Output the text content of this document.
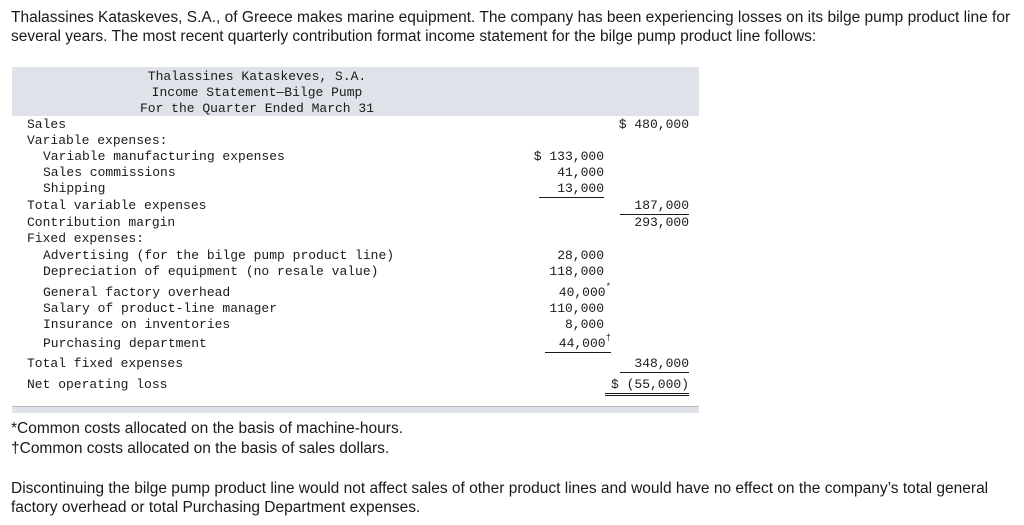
Thalassines Kataskeves, S.A., of Greece makes marine equipment. The company has been experiencing losses on its bilge pump product line for several years. The most recent quarterly contribution format income statement for the bilge pump product line follows:
Thalassines Kataskeves, S.A.
Income Statement—Bilge Pump
For the Quarter Ended March 31
Sales	$ 480,000
Variable expenses:
Variable manufacturing expenses	$ 133,000
Sales commissions	41,000
Shipping	13,000
Total variable expenses	187,000
Contribution margin	293,000
Fixed expenses:
Advertising (for the bilge pump product line)	28,000
Depreciation of equipment (no resale value)	118,000
General factory overhead	40,000*
Salary of product-line manager	110,000
Insurance on inventories	8,000
Purchasing department	44,000†
Total fixed expenses	348,000
Net operating loss	$ (55,000)
*Common costs allocated on the basis of machine-hours.
†Common costs allocated on the basis of sales dollars.
Discontinuing the bilge pump product line would not affect sales of other product lines and would have no effect on the company’s total general factory overhead or total Purchasing Department expenses.
